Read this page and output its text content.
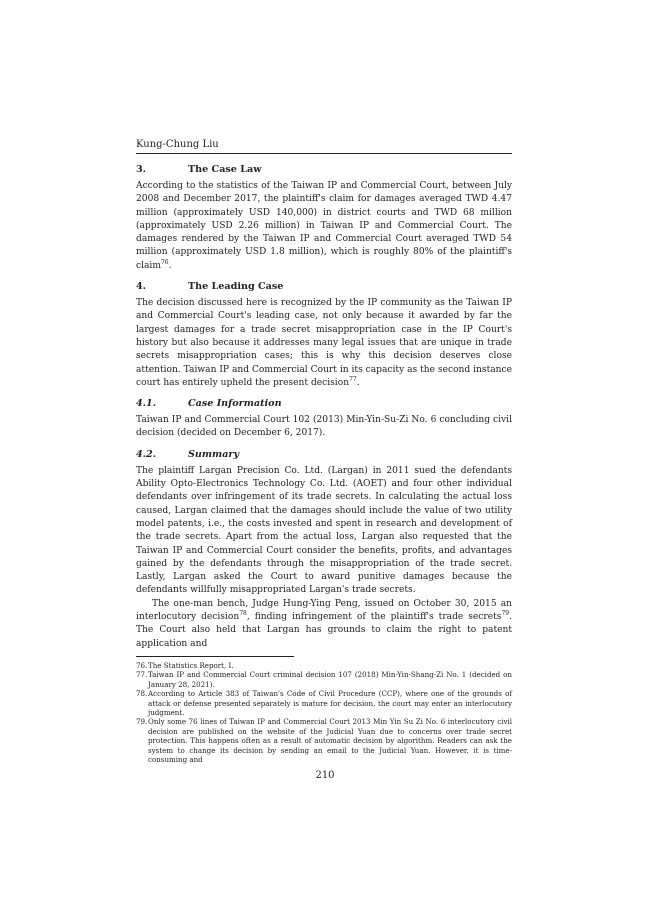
Kung-Chung Liu
3.	The Case Law

According to the statistics of the Taiwan IP and Commercial Court, between July 2008 and December 2017, the plaintiff's claim for damages averaged TWD 4.47 million (approximately USD 140,000) in district courts and TWD 68 million (approximately USD 2.26 million) in Taiwan IP and Commercial Court. The damages rendered by the Taiwan IP and Commercial Court averaged TWD 54 million (approximately USD 1.8 million), which is roughly 80% of the plaintiff's claim$^{76}$.

4.	The Leading Case

The decision discussed here is recognized by the IP community as the Taiwan IP and Commercial Court's leading case, not only because it awarded by far the largest damages for a trade secret misappropriation case in the IP Court's history but also because it addresses many legal issues that are unique in trade secrets misappropriation cases; this is why this decision deserves close attention. Taiwan IP and Commercial Court in its capacity as the second instance court has entirely upheld the present decision$^{77}$.

4.1.	Case Information

Taiwan IP and Commercial Court 102 (2013) Min-Yin-Su-Zi No. 6 concluding civil decision (decided on December 6, 2017).

4.2.	Summary

The plaintiff Largan Precision Co. Ltd. (Largan) in 2011 sued the defendants Ability Opto-Electronics Technology Co. Ltd. (AOET) and four other individual defendants over infringement of its trade secrets. In calculating the actual loss caused, Largan claimed that the damages should include the value of two utility model patents, i.e., the costs invested and spent in research and development of the trade secrets. Apart from the actual loss, Largan also requested that the Taiwan IP and Commercial Court consider the benefits, profits, and advantages gained by the defendants through the misappropriation of the trade secret. Lastly, Largan asked the Court to award punitive damages because the defendants willfully misappropriated Largan's trade secrets.

The one-man bench, Judge Hung-Ying Peng, issued on October 30, 2015 an interlocutory decision$^{78}$, finding infringement of the plaintiff's trade secrets$^{79}$. The Court also held that Largan has grounds to claim the right to patent application and

76. The Statistics Report, I.
77. Taiwan IP and Commercial Court criminal decision 107 (2018) Min-Yin-Shang-Zi No. 1 (decided on January 28, 2021).
78. According to Article 383 of Taiwan's Code of Civil Procedure (CCP), where one of the grounds of attack or defense presented separately is mature for decision, the court may enter an interlocutory judgment.
79. Only some 76 lines of Taiwan IP and Commercial Court 2013 Min Yin Su Zi No. 6 interlocutory civil decision are published on the website of the Judicial Yuan due to concerns over trade secret protection. This happens often as a result of automatic decision by algorithm. Readers can ask the system to change its decision by sending an email to the Judicial Yuan. However, it is time-consuming and
210
